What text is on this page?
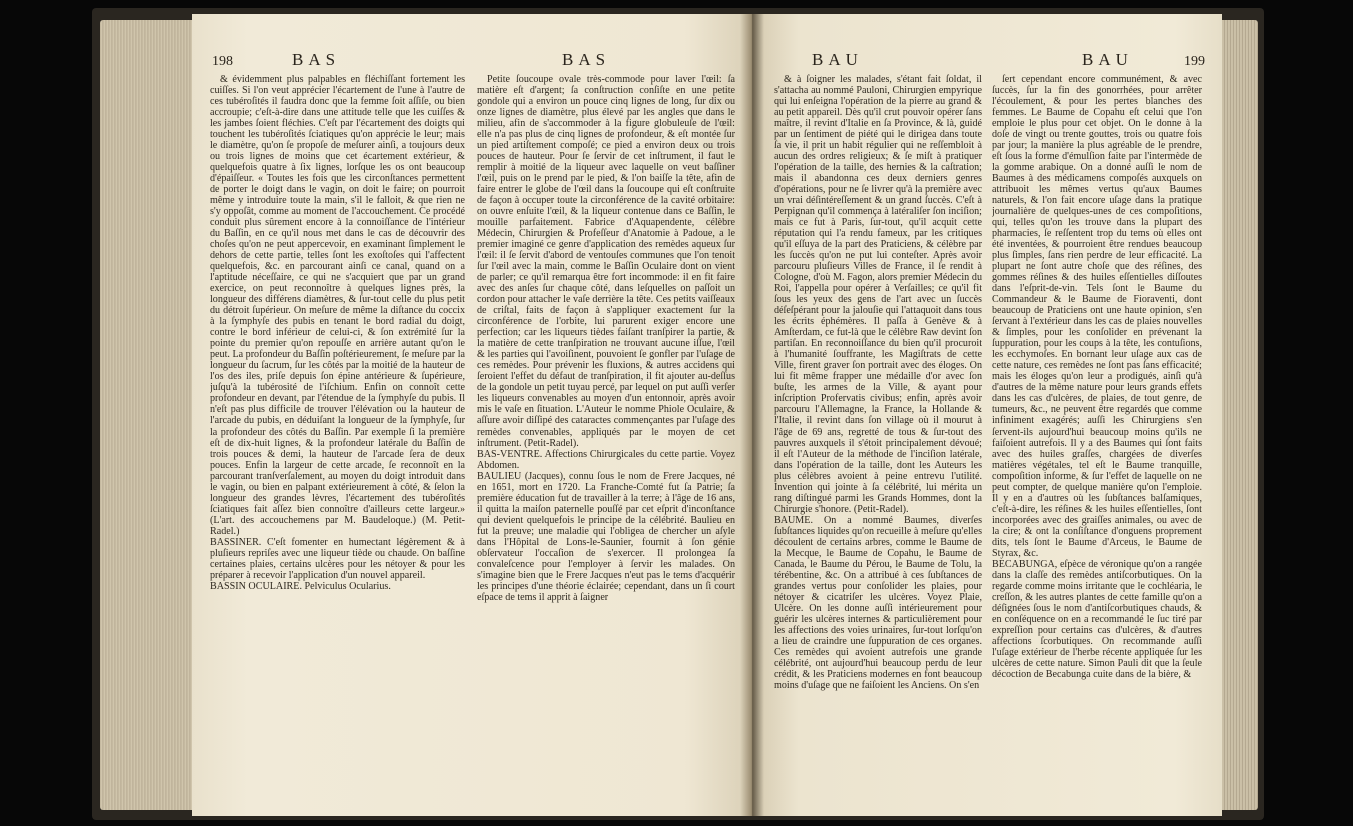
198	BAS	BAS

& évidemment plus palpables en fléchiſſant fortement les cuiſſes. Si l'on veut apprécier l'écartement de l'une à l'autre de ces tubéroſités il faudra donc que la femme ſoit aſſiſe, ou bien accroupie; c'eſt-à-dire dans une attitude telle que les cuiſſes & les jambes ſoient fléchies. C'eſt par l'écartement des doigts qui touchent les tubéroſités ſciatiques qu'on apprécie le leur; mais le diamètre, qu'on ſe propoſe de meſurer ainſi, a toujours deux ou trois lignes de moins que cet écartement extérieur, & quelquefois quatre à ſix lignes, lorſque les os ont beaucoup d'épaiſſeur. « Toutes les fois que les circonſtances permettent de porter le doigt dans le vagin, on doit le faire; on pourroit même y introduire toute la main, s'il le falloit, & que rien ne s'y oppoſât, comme au moment de l'accouchement. Ce procédé conduit plus sûrement encore à la connoiſſance de l'intérieur du Baſſin, en ce qu'il nous met dans le cas de découvrir des choſes qu'on ne peut appercevoir, en examinant ſimplement le dehors de cette partie, telles ſont les exoſtoſes qui l'affectent quelquefois, &c. en parcourant ainſi ce canal, quand on a l'aptitude néceſſaire, ce qui ne s'acquiert que par un grand exercice, on peut reconnoître à quelques lignes près, la longueur des différens diamètres, & ſur-tout celle du plus petit du détroit ſupérieur. On meſure de même la diſtance du coccix à la ſymphyſe des pubis en tenant le bord radial du doigt, contre le bord inférieur de celui-ci, & ſon extrémité ſur la pointe du premier qu'on repouſſe en arrière autant qu'on le peut. La profondeur du Baſſin poſtérieurement, ſe meſure par la longueur du ſacrum, ſur les côtés par la moitié de la hauteur de l'os des iles, priſe depuis ſon épine antérieure & ſupérieure, juſqu'à la tubérosité de l'iſchium. Enfin on connoît cette profondeur en devant, par l'étendue de la ſymphyſe du pubis. Il n'eſt pas plus difficile de trouver l'élévation ou la hauteur de l'arcade du pubis, en déduiſant la longueur de la ſymphyſe, ſur la profondeur des côtés du Baſſin. Par exemple ſi la première eſt de dix-huit lignes, & la profondeur latérale du Baſſin de trois pouces & demi, la hauteur de l'arcade ſera de deux pouces. Enfin la largeur de cette arcade, ſe reconnoît en la parcourant tranſverſalement, au moyen du doigt introduit dans le vagin, ou bien en palpant extérieurement à côté, & ſelon la longueur des grandes lèvres, l'écartement des tubéroſités ſciatiques fait aſſez bien connoître d'ailleurs cette largeur.» (L'art. des accouchemens par M. Baudeloque.) (M. Petit-Radel.)
BASSINER. C'eſt fomenter en humectant légèrement & à pluſieurs repriſes avec une liqueur tiède ou chaude. On baſſine certaines plaies, certains ulcères pour les nétoyer & pour les préparer à recevoir l'application d'un nouvel appareil.
BASSIN OCULAIRE. Pelviculus Ocularius.

Petite ſoucoupe ovale très-commode pour laver l'œil: ſa matière eſt d'argent; ſa conſtruction conſiſte en une petite gondole qui a environ un pouce cinq lignes de long, ſur dix ou onze lignes de diamètre, plus élevé par les angles que dans le milieu, afin de s'accommoder à la figure globuleuſe de l'œil: elle n'a pas plus de cinq lignes de profondeur, & eſt montée ſur un pied artiſtement compoſé; ce pied a environ deux ou trois pouces de hauteur. Pour ſe ſervir de cet inſtrument, il faut le remplir à moitié de la liqueur avec laquelle on veut baſſiner l'œil, puis on le prend par le pied, & l'on baiſſe la tête, afin de faire entrer le globe de l'œil dans la ſoucoupe qui eſt conſtruite de façon à occuper toute la circonférence de la cavité orbitaire: on ouvre enſuite l'œil, & la liqueur contenue dans ce Baſſin, le mouille parfaitement. Fabrice d'Aquapendente, célèbre Médecin, Chirurgien & Profeſſeur d'Anatomie à Padoue, a le premier imaginé ce genre d'application des remèdes aqueux ſur l'œil: il ſe ſervit d'abord de ventouſes communes que l'on tenoit ſur l'œil avec la main, comme le Baſſin Oculaire dont on vient de parler; ce qu'il remarqua être fort incommode: il en fit faire avec des anſes ſur chaque côté, dans leſquelles on paſſoit un cordon pour attacher le vaſe derrière la tête. Ces petits vaiſſeaux de criſtal, faits de façon à s'appliquer exactement ſur la circonférence de l'orbite, lui parurent exiger encore une perfection; car les liqueurs tièdes faiſant tranſpirer la partie, & la matière de cette tranſpiration ne trouvant aucune iſſue, l'œil & les parties qui l'avoiſinent, pouvoient ſe gonfler par l'uſage de ces remèdes. Pour prévenir les fluxions, & autres accidens qui ſeroient l'effet du défaut de tranſpiration, il fit ajouter au-deſſus de la gondole un petit tuyau percé, par lequel on put auſſi verſer les liqueurs convenables au moyen d'un entonnoir, après avoir mis le vaſe en ſituation. L'Auteur le nomme Phiole Oculaire, & aſſure avoir diſſipé des cataractes commençantes par l'uſage des remèdes convenables, appliqués par le moyen de cet inſtrument. (Petit-Radel).
BAS-VENTRE. Affections Chirurgicales du cette partie. Voyez Abdomen.
BAULIEU (Jacques), connu ſous le nom de Frere Jacques, né en 1651, mort en 1720. La Franche-Comté fut ſa Patrie; ſa première éducation fut de travailler à la terre; à l'âge de 16 ans, il quitta la maiſon paternelle pouſſé par cet eſprit d'inconſtance qui devient quelquefois le principe de la célébrité. Baulieu en fut la preuve; une maladie qui l'obligea de chercher un aſyle dans l'Hôpital de Lons-le-Saunier, fournit à ſon génie obſervateur l'occaſion de s'exercer. Il prolongea ſa convaleſcence pour l'employer à ſervir les malades. On s'imagine bien que le Frere Jacques n'eut pas le tems d'acquérir les principes d'une théorie éclairée; cependant, dans un ſi court eſpace de tems il apprit à ſaigner

BAU	BAU	199

& à ſoigner les malades, s'étant fait ſoldat, il s'attacha au nommé Pauloni, Chirurgien empyrique qui lui enſeigna l'opération de la pierre au grand & au petit appareil. Dès qu'il crut pouvoir opérer ſans maître, il revint d'Italie en ſa Province, & là, guidé par un ſentiment de piété qui le dirigea dans toute ſa vie, il prit un habit régulier qui ne reſſembloit à aucun des ordres religieux; & ſe miſt à pratiquer l'opération de la taille, des hernies & la caſtration; mais il abandonna ces deux derniers genres d'opérations, pour ne ſe livrer qu'à la première avec un vrai déſintéreſſement & un grand ſuccès. C'eſt à Perpignan qu'il commença à latéraliſer ſon inciſion; mais ce fut à Paris, ſur-tout, qu'il acquit cette réputation qui l'a rendu fameux, par les critiques qu'il eſſuya de la part des Praticiens, & célèbre par les ſuccès qu'on ne put lui conteſter. Après avoir parcouru pluſieurs Villes de France, il ſe rendit à Cologne, d'où M. Fagon, alors premier Médecin du Roi, l'appella pour opérer à Verſailles; ce qu'il fit ſous les yeux des gens de l'art avec un ſuccès déſeſpérant pour la jalouſie qui l'attaquoit dans tous les écrits éphémères. Il paſſa à Genève & à Amſterdam, ce fut-là que le célèbre Raw devint ſon partiſan. En reconnoiſſance du bien qu'il procuroit à l'humanité ſouffrante, les Magiſtrats de cette Ville, firent graver ſon portrait avec des éloges. On lui fit même frapper une médaille d'or avec ſon buſte, les armes de la Ville, & ayant pour inſcription Profervatis civibus; enfin, après avoir parcouru l'Allemagne, la France, la Hollande & l'Italie, il revint dans ſon village où il mourut à l'âge de 69 ans, regretté de tous & ſur-tout des pauvres auxquels il s'étoit principalement dévoué; il eſt l'Auteur de la méthode de l'inciſion latérale, dans l'opération de la taille, dont les Auteurs les plus célèbres avoient à peine entrevu l'utilité. Invention qui jointe à ſa célébrité, lui mérita un rang diſtingué parmi les Grands Hommes, dont la Chirurgie s'honore. (Petit-Radel).
BAUME. On a nommé Baumes, diverſes ſubſtances liquides qu'on recueille à meſure qu'elles découlent de certains arbres, comme le Baume de la Mecque, le Baume de Copahu, le Baume de Canada, le Baume du Pérou, le Baume de Tolu, la térébentine, &c. On a attribué à ces ſubſtances de grandes vertus pour conſolider les plaies, pour nétoyer & cicatriſer les ulcères. Voyez Plaie, Ulcère. On les donne auſſi intérieurement pour guérir les ulcères internes & particulièrement pour les affections des voies urinaires, ſur-tout lorſqu'on a lieu de craindre une ſuppuration de ces organes. Ces remèdes qui avoient autrefois une grande célébrité, ont aujourd'hui beaucoup perdu de leur crédit, & les Praticiens modernes en font beaucoup moins d'uſage que ne faiſoient les Anciens. On s'en

ſert cependant encore communément, & avec ſuccès, ſur la fin des gonorrhées, pour arrêter l'écoulement, & pour les pertes blanches des femmes. Le Baume de Copahu eſt celui que l'on emploie le plus pour cet objet. On le donne à la doſe de vingt ou trente gouttes, trois ou quatre fois par jour; la manière la plus agréable de le prendre, eſt ſous la forme d'émulſion faite par l'intermède de la gomme arabique. On a donné auſſi le nom de Baumes à des médicamens compoſés auxquels on attribuoit les mêmes vertus qu'aux Baumes naturels, & l'on fait encore uſage dans la pratique journalière de quelques-unes de ces compoſitions, qui, telles qu'on les trouve dans la plupart des pharmacies, ſe reſſentent trop du tems où elles ont été inventées, & pourroient être rendues beaucoup plus ſimples, ſans rien perdre de leur efficacité. La plupart ne ſont autre choſe que des réſines, des gommes réſines & des huiles eſſentielles diſſoutes dans l'eſprit-de-vin. Tels ſont le Baume du Commandeur & le Baume de Fioraventi, dont beaucoup de Praticiens ont une haute opinion, s'en ſervant à l'extérieur dans les cas de plaies nouvelles & ſimples, pour les conſolider en prévenant la ſuppuration, pour les coups à la tête, les contuſions, les ecchymoſes. En bornant leur uſage aux cas de cette nature, ces remèdes ne ſont pas ſans efficacité; mais les éloges qu'on leur a prodigués, ainſi qu'à d'autres de la même nature pour leurs grands effets dans les cas d'ulcères, de plaies, de tout genre, de tumeurs, &c., ne peuvent être regardés que comme infiniment exagérés; auſſi les Chirurgiens s'en ſervent-ils aujourd'hui beaucoup moins qu'ils ne faiſoient autrefois. Il y a des Baumes qui ſont faits avec des huiles graſſes, chargées de diverſes matières végétales, tel eſt le Baume tranquille, compoſition informe, & ſur l'effet de laquelle on ne peut compter, de quelque manière qu'on l'emploie. Il y en a d'autres où les ſubſtances balſamiques, c'eſt-à-dire, les réſines & les huiles eſſentielles, ſont incorporées avec des graiſſes animales, ou avec de la cire; & ont la conſiſtance d'onguens proprement dits, tels ſont le Baume d'Arceus, le Baume de Styrax, &c.
BECABUNGA, eſpèce de véronique qu'on a rangée dans la claſſe des remèdes antiſcorbutiques. On la regarde comme moins irritante que le cochléaria, le creſſon, & les autres plantes de cette famille qu'on a déſignées ſous le nom d'antiſcorbutiques chauds, & en conſéquence on en a recommandé le ſuc tiré par expreſſion pour certains cas d'ulcères, & d'autres affections ſcorbutiques. On recommande auſſi l'uſage extérieur de l'herbe récente appliquée ſur les ulcères de cette nature. Simon Pauli dit que la ſeule décoction de Becabunga cuite dans de la bière, &
